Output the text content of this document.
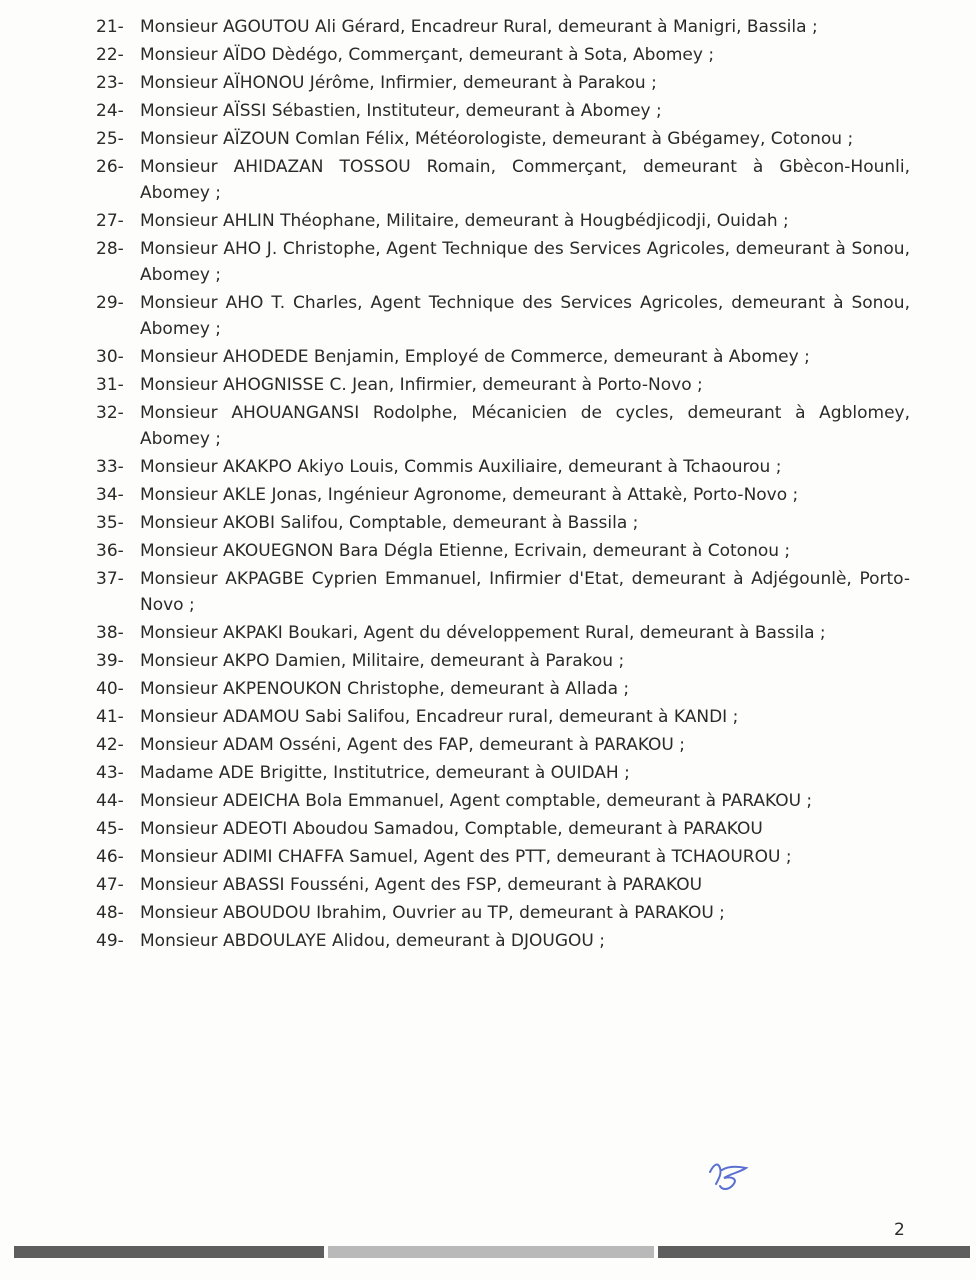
21- Monsieur AGOUTOU Ali Gérard, Encadreur Rural, demeurant à Manigri, Bassila ;
22- Monsieur AÏDO Dèdégo, Commerçant, demeurant à Sota, Abomey ;
23- Monsieur AÏHONOU Jérôme, Infirmier, demeurant à Parakou ;
24- Monsieur AÏSSI Sébastien, Instituteur, demeurant à Abomey ;
25- Monsieur AÏZOUN Comlan Félix, Météorologiste, demeurant à Gbégamey, Cotonou ;
26- Monsieur AHIDAZAN TOSSOU Romain, Commerçant, demeurant à Gbècon-Hounli, Abomey ;
27- Monsieur AHLIN Théophane, Militaire, demeurant à Hougbédjicodji, Ouidah ;
28- Monsieur AHO J. Christophe, Agent Technique des Services Agricoles, demeurant à Sonou, Abomey ;
29- Monsieur AHO T. Charles, Agent Technique des Services Agricoles, demeurant à Sonou, Abomey ;
30- Monsieur AHODEDE Benjamin, Employé de Commerce, demeurant à Abomey ;
31- Monsieur AHOGNISSE C. Jean, Infirmier, demeurant à Porto-Novo ;
32- Monsieur AHOUANGANSI Rodolphe, Mécanicien de cycles, demeurant à Agblomey, Abomey ;
33- Monsieur AKAKPO Akiyo Louis, Commis Auxiliaire, demeurant à Tchaourou ;
34- Monsieur AKLE Jonas, Ingénieur Agronome, demeurant à Attakè, Porto-Novo ;
35- Monsieur AKOBI Salifou, Comptable, demeurant à Bassila ;
36- Monsieur AKOUEGNON Bara Dégla Etienne, Ecrivain, demeurant à Cotonou ;
37- Monsieur AKPAGBE Cyprien Emmanuel, Infirmier d'Etat, demeurant à Adjégounlè, Porto-Novo ;
38- Monsieur AKPAKI Boukari, Agent du développement Rural, demeurant à Bassila ;
39- Monsieur AKPO Damien, Militaire, demeurant à Parakou ;
40- Monsieur AKPENOUKON Christophe, demeurant à Allada ;
41- Monsieur ADAMOU Sabi Salifou, Encadreur rural, demeurant à KANDI ;
42- Monsieur ADAM Osséni, Agent des FAP, demeurant à PARAKOU ;
43- Madame ADE Brigitte, Institutrice, demeurant à OUIDAH ;
44- Monsieur ADEICHA Bola Emmanuel, Agent comptable, demeurant à PARAKOU ;
45- Monsieur ADEOTI Aboudou Samadou, Comptable, demeurant à PARAKOU
46- Monsieur ADIMI CHAFFA Samuel, Agent des PTT, demeurant à TCHAOUROU ;
47- Monsieur ABASSI Fousséni, Agent des FSP, demeurant à PARAKOU
48- Monsieur ABOUDOU Ibrahim, Ouvrier au TP, demeurant à PARAKOU ;
49- Monsieur ABDOULAYE Alidou, demeurant à DJOUGOU ;
2
